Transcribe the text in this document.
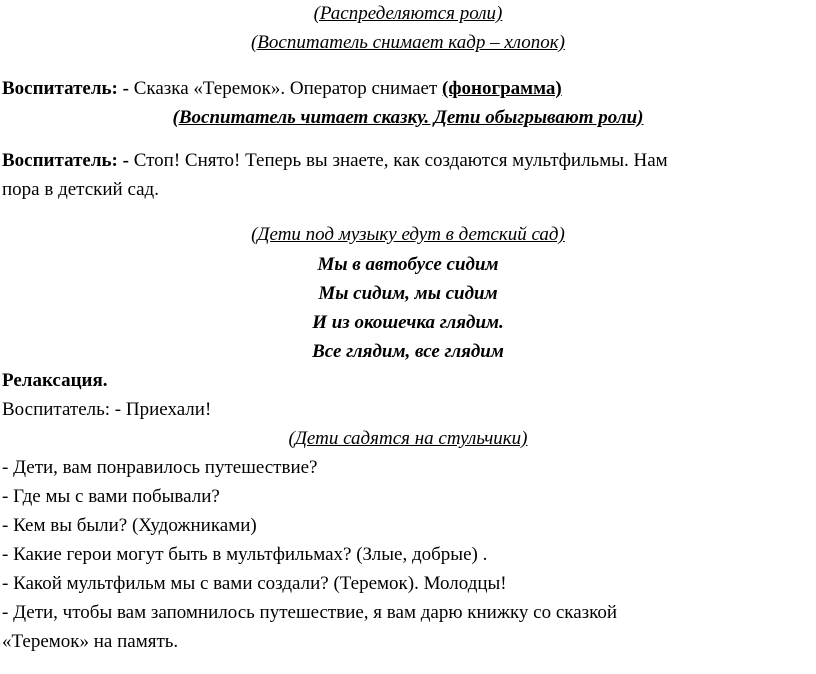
(Распределяются роли)
(Воспитатель снимает кадр – хлопок)
Воспитатель: - Сказка «Теремок». Оператор снимает (фонограмма)
(Воспитатель читает сказку. Дети обыгрывают роли)
Воспитатель: - Стоп! Снято! Теперь вы знаете, как создаются мультфильмы. Нам
пора в детский сад.
(Дети под музыку едут в детский сад)
Мы в автобусе сидим
Мы сидим, мы сидим
И из окошечка глядим.
Все глядим, все глядим
Релаксация.
Воспитатель: - Приехали!
(Дети садятся на стульчики)
- Дети, вам понравилось путешествие?
- Где мы с вами побывали?
- Кем вы были? (Художниками)
- Какие герои могут быть в мультфильмах? (Злые, добрые) .
- Какой мультфильм мы с вами создали? (Теремок). Молодцы!
- Дети, чтобы вам запомнилось путешествие, я вам дарю книжку со сказкой
«Теремок» на память.
